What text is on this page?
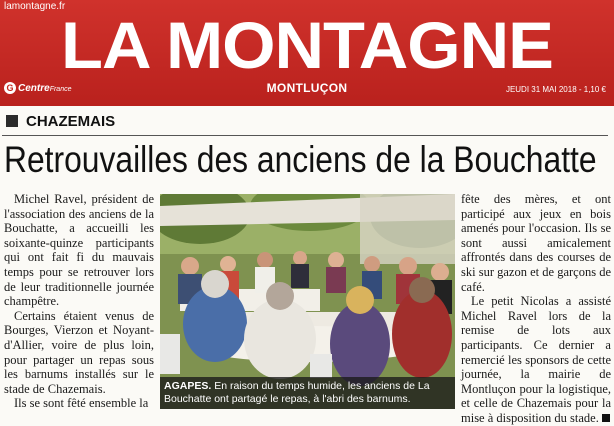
lamontagne.fr
LA MONTAGNE
G CentreFrance	MONTLUÇON	JEUDI 31 MAI 2018 - 1,10 €
CHAZEMAIS
Retrouvailles des anciens de la Bouchatte

Michel Ravel, président de l'association des anciens de la Bouchatte, a accueilli les soixante-quinze participants qui ont fait fi du mauvais temps pour se retrouver lors de leur traditionnelle journée champêtre.

Certains étaient venus de Bourges, Vierzon et Noyant-d'Allier, voire de plus loin, pour partager un repas sous les barnums installés sur le stade de Chazemais.

Ils se sont fêté ensemble la

AGAPES. En raison du temps humide, les anciens de La Bouchatte ont partagé le repas, à l'abri des barnums.

fête des mères, et ont participé aux jeux en bois amenés pour l'occasion. Ils se sont aussi amicalement affrontés dans des courses de ski sur gazon et de garçons de café.

Le petit Nicolas a assisté Michel Ravel lors de la remise de lots aux participants. Ce dernier a remercié les sponsors de cette journée, la mairie de Montluçon pour la logistique, et celle de Chazemais pour la mise à disposition du stade.
